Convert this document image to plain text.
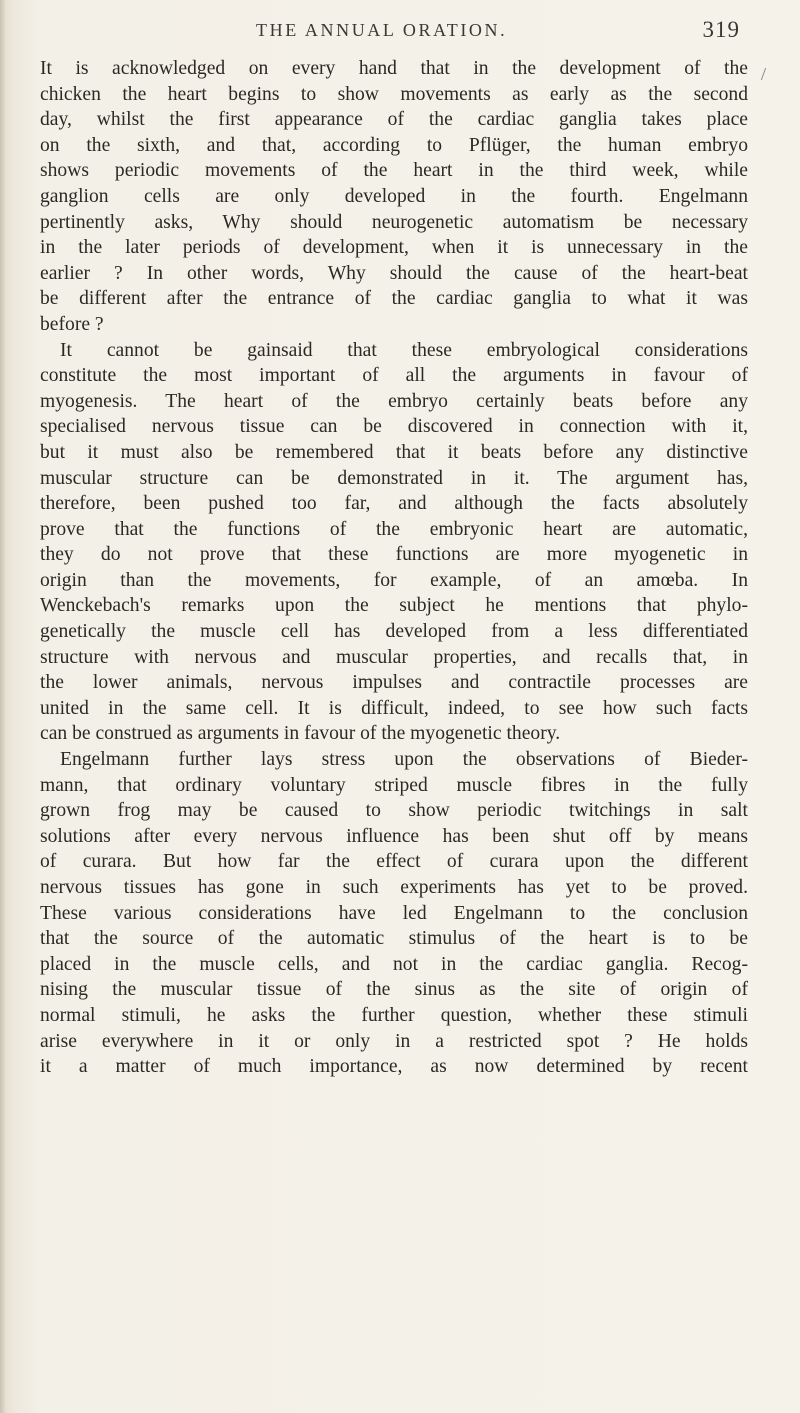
THE ANNUAL ORATION.	319
It is acknowledged on every hand that in the development of the
chicken the heart begins to show movements as early as the second
day, whilst the first appearance of the cardiac ganglia takes place
on the sixth, and that, according to Pflüger, the human embryo
shows periodic movements of the heart in the third week, while
ganglion cells are only developed in the fourth. Engelmann
pertinently asks, Why should neurogenetic automatism be necessary
in the later periods of development, when it is unnecessary in the
earlier ? In other words, Why should the cause of the heart-beat
be different after the entrance of the cardiac ganglia to what it was
before ?
It cannot be gainsaid that these embryological considerations
constitute the most important of all the arguments in favour of
myogenesis. The heart of the embryo certainly beats before any
specialised nervous tissue can be discovered in connection with it,
but it must also be remembered that it beats before any distinctive
muscular structure can be demonstrated in it. The argument has,
therefore, been pushed too far, and although the facts absolutely
prove that the functions of the embryonic heart are automatic,
they do not prove that these functions are more myogenetic in
origin than the movements, for example, of an amœba. In
Wenckebach's remarks upon the subject he mentions that phylo-
genetically the muscle cell has developed from a less differentiated
structure with nervous and muscular properties, and recalls that, in
the lower animals, nervous impulses and contractile processes are
united in the same cell. It is difficult, indeed, to see how such facts
can be construed as arguments in favour of the myogenetic theory.
Engelmann further lays stress upon the observations of Bieder-
mann, that ordinary voluntary striped muscle fibres in the fully
grown frog may be caused to show periodic twitchings in salt
solutions after every nervous influence has been shut off by means
of curara. But how far the effect of curara upon the different
nervous tissues has gone in such experiments has yet to be proved.
These various considerations have led Engelmann to the conclusion
that the source of the automatic stimulus of the heart is to be
placed in the muscle cells, and not in the cardiac ganglia. Recog-
nising the muscular tissue of the sinus as the site of origin of
normal stimuli, he asks the further question, whether these stimuli
arise everywhere in it or only in a restricted spot ? He holds
it a matter of much importance, as now determined by recent
